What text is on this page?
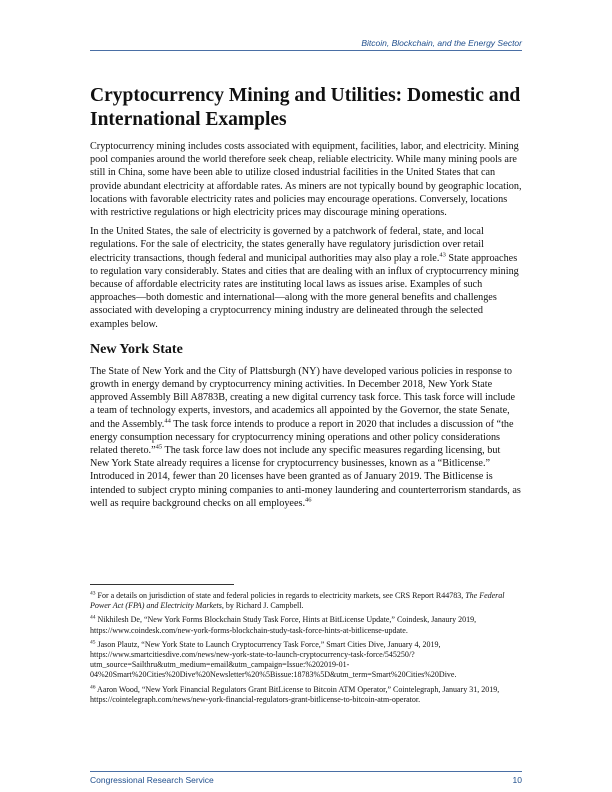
Bitcoin, Blockchain, and the Energy Sector
Cryptocurrency Mining and Utilities: Domestic and International Examples

Cryptocurrency mining includes costs associated with equipment, facilities, labor, and electricity. Mining pool companies around the world therefore seek cheap, reliable electricity. While many mining pools are still in China, some have been able to utilize closed industrial facilities in the United States that can provide abundant electricity at affordable rates. As miners are not typically bound by geographic location, locations with favorable electricity rates and policies may encourage operations. Conversely, locations with restrictive regulations or high electricity prices may discourage mining operations.

In the United States, the sale of electricity is governed by a patchwork of federal, state, and local regulations. For the sale of electricity, the states generally have regulatory jurisdiction over retail electricity transactions, though federal and municipal authorities may also play a role.$^{43}$ State approaches to regulation vary considerably. States and cities that are dealing with an influx of cryptocurrency mining because of affordable electricity rates are instituting local laws as issues arise. Examples of such approaches—both domestic and international—along with the more general benefits and challenges associated with developing a cryptocurrency mining industry are delineated through the selected examples below.

New York State

The State of New York and the City of Plattsburgh (NY) have developed various policies in response to growth in energy demand by cryptocurrency mining activities. In December 2018, New York State approved Assembly Bill A8783B, creating a new digital currency task force. This task force will include a team of technology experts, investors, and academics all appointed by the Governor, the state Senate, and the Assembly.$^{44}$ The task force intends to produce a report in 2020 that includes a discussion of “the energy consumption necessary for cryptocurrency mining operations and other policy considerations related thereto.”$^{45}$ The task force law does not include any specific measures regarding licensing, but New York State already requires a license for cryptocurrency businesses, known as a “Bitlicense.” Introduced in 2014, fewer than 20 licenses have been granted as of January 2019. The Bitlicense is intended to subject crypto mining companies to anti-money laundering and counterterrorism standards, as well as require background checks on all employees.$^{46}$

$^{43}$ For a details on jurisdiction of state and federal policies in regards to electricity markets, see CRS Report R44783, The Federal Power Act (FPA) and Electricity Markets, by Richard J. Campbell.

$^{44}$ Nikhilesh De, “New York Forms Blockchain Study Task Force, Hints at BitLicense Update,” Coindesk, Janaury 2019, https://www.coindesk.com/new-york-forms-blockchain-study-task-force-hints-at-bitlicense-update.

$^{45}$ Jason Plautz, “New York State to Launch Cryptocurrency Task Force,” Smart Cities Dive, January 4, 2019, https://www.smartcitiesdive.com/news/new-york-state-to-launch-cryptocurrency-task-force/545250/?utm_source=Sailthru&utm_medium=email&utm_campaign=Issue:%202019-01-04%20Smart%20Cities%20Dive%20Newsletter%20%5Bissue:18783%5D&utm_term=Smart%20Cities%20Dive.

$^{46}$ Aaron Wood, “New York Financial Regulators Grant BitLicense to Bitcoin ATM Operator,” Cointelegraph, January 31, 2019, https://cointelegraph.com/news/new-york-financial-regulators-grant-bitlicense-to-bitcoin-atm-operator.

Congressional Research Service	10
